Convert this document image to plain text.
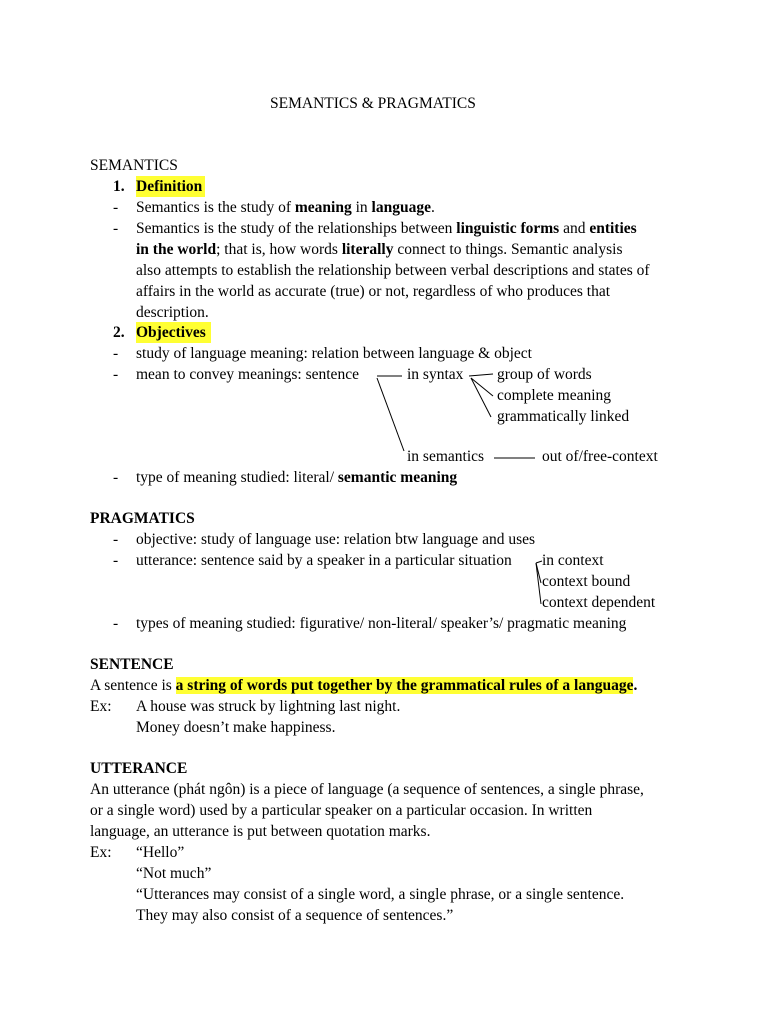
SEMANTICS & PRAGMATICS
SEMANTICS
1. Definition
- Semantics is the study of meaning in language.
- Semantics is the study of the relationships between linguistic forms and entities
in the world; that is, how words literally connect to things. Semantic analysis
also attempts to establish the relationship between verbal descriptions and states of
affairs in the world as accurate (true) or not, regardless of who produces that
description.
2. Objectives
- study of language meaning: relation between language & object
- mean to convey meanings: sentence	in syntax group of words
complete meaning
grammatically linked
in semantics	out of/free-context
- type of meaning studied: literal/ semantic meaning
PRAGMATICS
- objective: study of language use: relation btw language and uses
- utterance: sentence said by a speaker in a particular situation in context
context bound
context dependent
- types of meaning studied: figurative/ non-literal/ speaker’s/ pragmatic meaning
SENTENCE
A sentence is a string of words put together by the grammatical rules of a language.
Ex: A house was struck by lightning last night.
Money doesn’t make happiness.
UTTERANCE
An utterance (phát ngôn) is a piece of language (a sequence of sentences, a single phrase,
or a single word) used by a particular speaker on a particular occasion. In written
language, an utterance is put between quotation marks.
Ex: “Hello”
“Not much”
“Utterances may consist of a single word, a single phrase, or a single sentence.
They may also consist of a sequence of sentences.”
